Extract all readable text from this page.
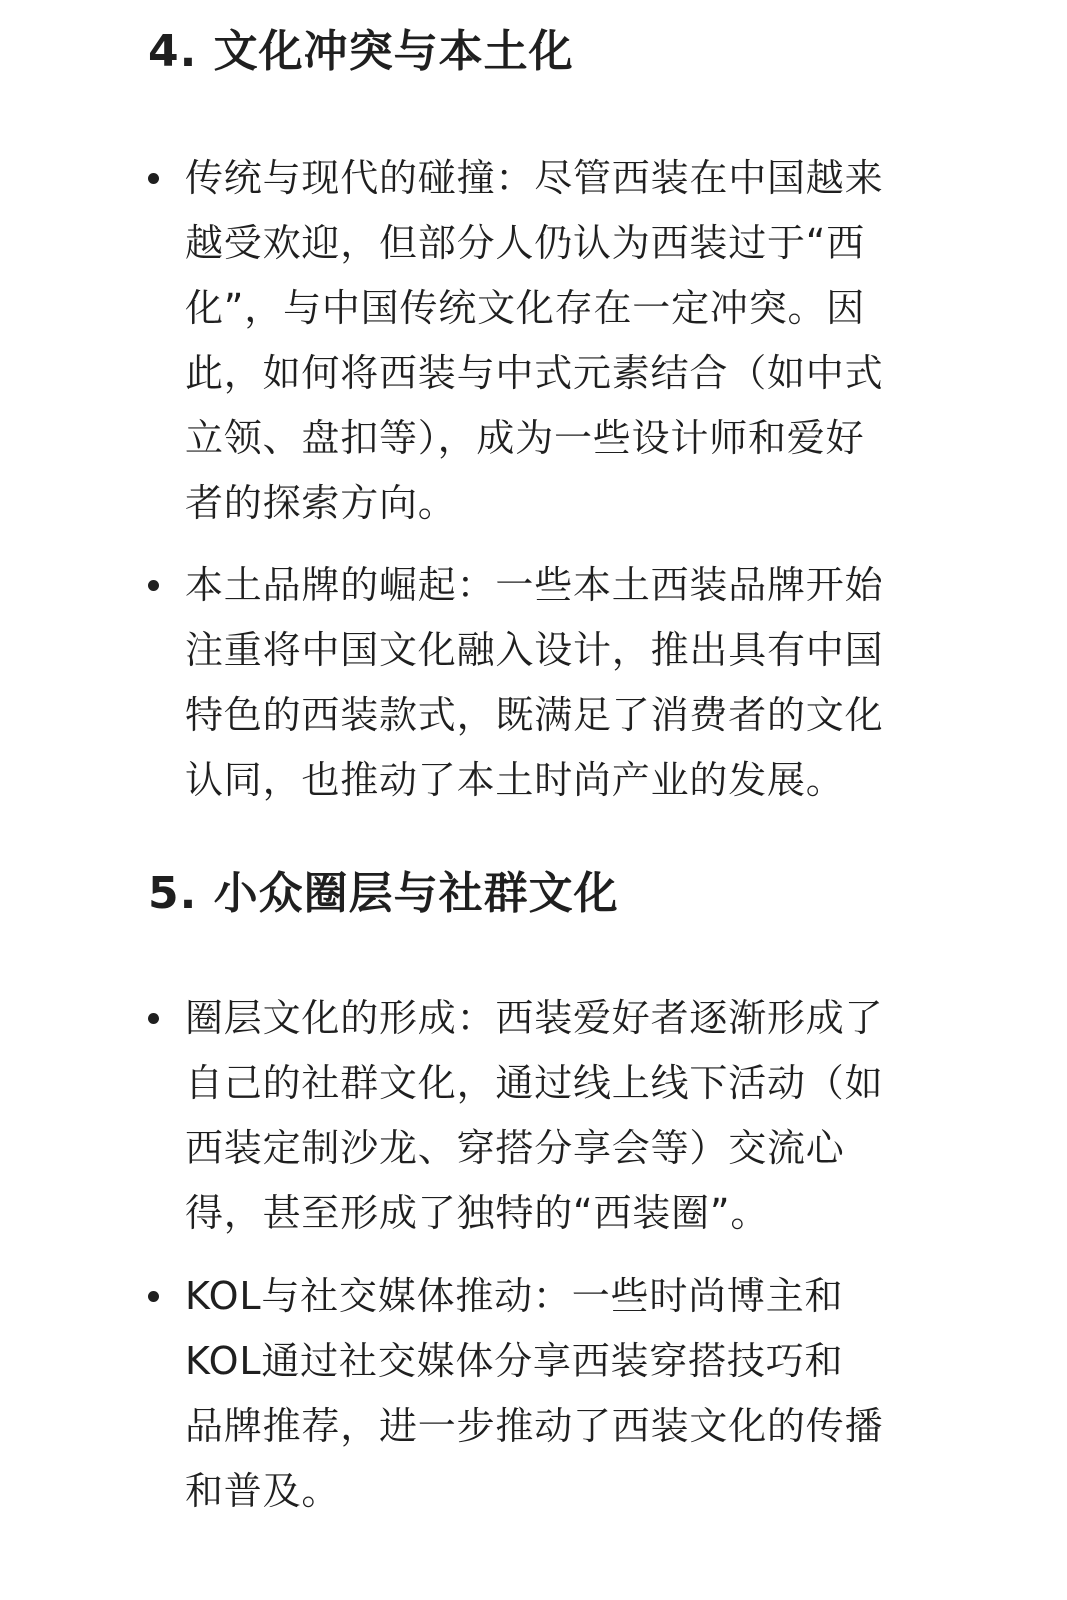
4. 文化冲突与本土化
传统与现代的碰撞：尽管西装在中国越来
越受欢迎，但部分人仍认为西装过于“西
化”，与中国传统文化存在一定冲突。因
此，如何将西装与中式元素结合（如中式
立领、盘扣等），成为一些设计师和爱好
者的探索方向。
本土品牌的崛起：一些本土西装品牌开始
注重将中国文化融入设计，推出具有中国
特色的西装款式，既满足了消费者的文化
认同，也推动了本土时尚产业的发展。
5. 小众圈层与社群文化
圈层文化的形成：西装爱好者逐渐形成了
自己的社群文化，通过线上线下活动（如
西装定制沙龙、穿搭分享会等）交流心
得，甚至形成了独特的“西装圈”。
KOL与社交媒体推动：一些时尚博主和
KOL通过社交媒体分享西装穿搭技巧和
品牌推荐，进一步推动了西装文化的传播
和普及。
